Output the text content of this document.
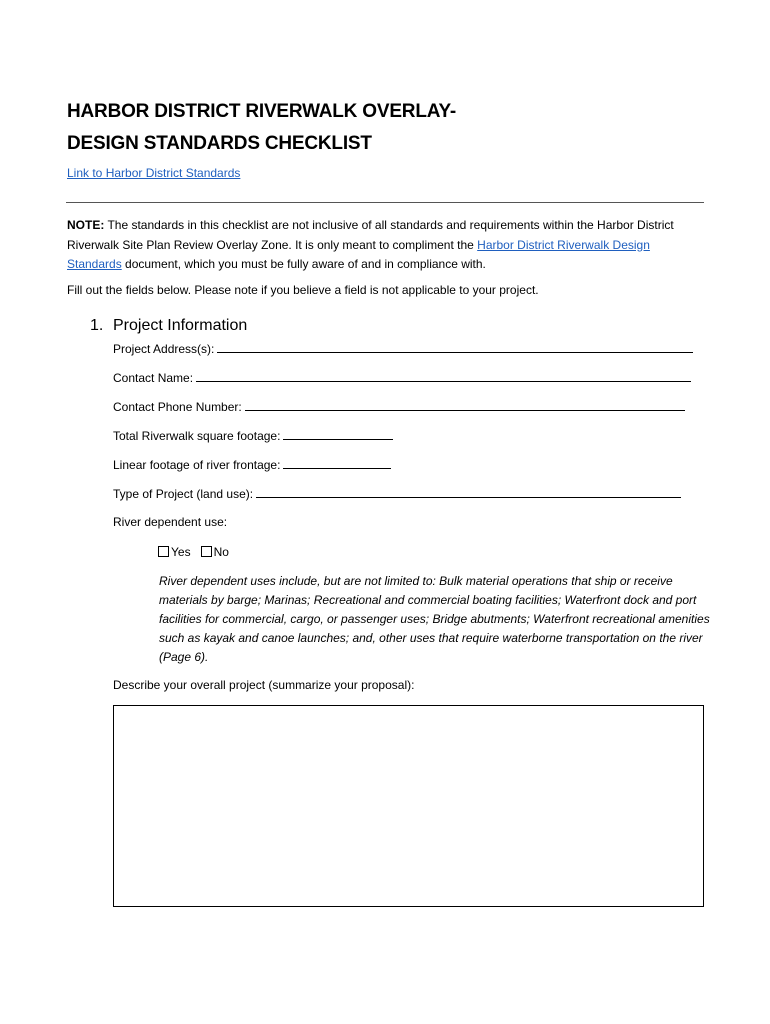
HARBOR DISTRICT RIVERWALK OVERLAY-
DESIGN STANDARDS CHECKLIST
Link to Harbor District Standards
NOTE: The standards in this checklist are not inclusive of all standards and requirements within the Harbor District Riverwalk Site Plan Review Overlay Zone. It is only meant to compliment the Harbor District Riverwalk Design Standards document, which you must be fully aware of and in compliance with.
Fill out the fields below. Please note if you believe a field is not applicable to your project.
1. Project Information
Project Address(s):
Contact Name:
Contact Phone Number:
Total Riverwalk square footage:
Linear footage of river frontage:
Type of Project (land use):
River dependent use:
Yes No
River dependent uses include, but are not limited to: Bulk material operations that ship or receive materials by barge; Marinas; Recreational and commercial boating facilities; Waterfront dock and port facilities for commercial, cargo, or passenger uses; Bridge abutments; Waterfront recreational amenities such as kayak and canoe launches; and, other uses that require waterborne transportation on the river (Page 6).
Describe your overall project (summarize your proposal):
